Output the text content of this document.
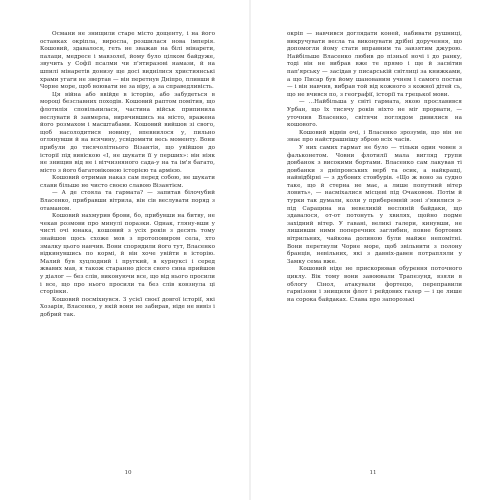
Османи не знищили старе місто дощенту, і на його останках окріпла, виросла, розшилася нова імперія. Кошовий, здавалося, геть не зважав на білі мінарети, палаци, медресе і мавзолеї, йому було цілком байдуже, звучить у Софії псалми чи п'ятиразові намази, й на шпилі мінаретів донизу ще досі виднілися християнські храми угаги не звертав — він перетнув Дніпро, пливши й Чорне море, щоб воювати не за віру, а за справедливість.

Ця війна або ввійде в історію, або забудеться в мороці безславних походів. Кошовий раптом помітив, що флотилія сповільнилася, частина військ припинила веслувати й завмерла, вирячившись на місто, вражена його розмахом і масштабами. Кошовий вийшов зі свого, щоб насолодитися новину, впевнилося у, пильно оглянувши й на всячину, усвідомити весь моменту. Вони прибули до тисячолітнього Візантія, що увійшов до історії під вивіскою «І, не шукати її у перших»: він ніяк не знищив від не і вітчизняного сада-у на та ім'я багато, місто з його багатовіковою історією та армією.

Кошовий отримав наказ сам перед собою, не шукати слави більше не чисто своєю славою Візантієм.

— А де стояла та гармата? — запитав білочубий Власенко, прибравши вітрила, він сів веслувати поряд з отаманом.

Кошовий нахмурив брови, бо, прибувши на битву, не чекав розмови про минулі поразки. Однак, гляну-вши у чисті очі юнака, кошовий з усіх років з десять тому знайшов щось схоже мов з протоповиром села, хто змалку цього навчив. Вони спорядили його тут, Власенко відкинувшись по кормі, й він хоче увійти в історію. Малий був хуцлодний і пругкий, в курнуксі і серед жвавих мав, я також старанно дісся свого сина прийшов у діалог — без слів, виконуючи все, що від нього просили і все, що про нього просили та без слів ковзнула ці сторінки.

Кошовий посміхнувся. З усієї своєї довгої історії, які Хозарія, Власенко, у якій вони не забирав, ніде не вивіз і добрий так.

10

окріп — навчився доглядати коней, набивати рушниці, викручувати весла та виконувати дрібні доручення, що допомогли йому стати вправним та завзятим джурою. Найбільше Власенко любив до пізньої ночі і до ранку, тоді він не вибрав вже те прямо і ще й засвітив пап'ярську — засідав у писарській світлиці за книжками, а що Писар був йому шанованим учнем і самого постав — і він навчив, вибрав той від кожного з кожної дітей сь, що не вчився по, з географії, історії та грецької мови.

— …Найбільша у світі гармата, якою прославився Урбан, що їх тисячу років ніхто не міг прорвати, — уточнив Власенко, світячи поглядом дивилися на кошового.

Кошовий відвів очі, і Власенко зрозумів, що він не знає про найстрашнішу зброю всіх часів.

У них самих гармат не було — тільки один човен з фальконетом. Човни флотилії мала вигляд групи довбанок з високими бортами. Власенко сам лакував ті довбанки з дніпровських верб та осик, а найкращі, найвідбірні — з дубових стовбурів. «Що ж воно за судно таке, що й стерна не має, а лише попутний вітер ловить», — насміхалися місцеві під Очаковом. Потім й турки так думали, коли у приберемній зоні з'явилися з-під Сарацина на невеликій весляній байдаки, що здавалося, от-от потонуть у хвилях, щойно подме західний вітер. У гавані, великі галери, кинувши, не лишивши ними поперечних заглибин, повне бортових вітрильних, чайкова долиною були майже непомітні. Вони перетнули Чорне море, щоб звільнити з полону бранців, невільних, які з давніх-давен потрапляли у Замку сема вже.

Кошовий ніде не прискорював обурення поточного циклу. Вік тому вони завоювали Трапезунд, взяли в облогу Сінол, атакували фортецю, переправили гарнізони і знищили флот і рейдових галер — і це лише на сорока байдаках. Слава про запорозькі

11
